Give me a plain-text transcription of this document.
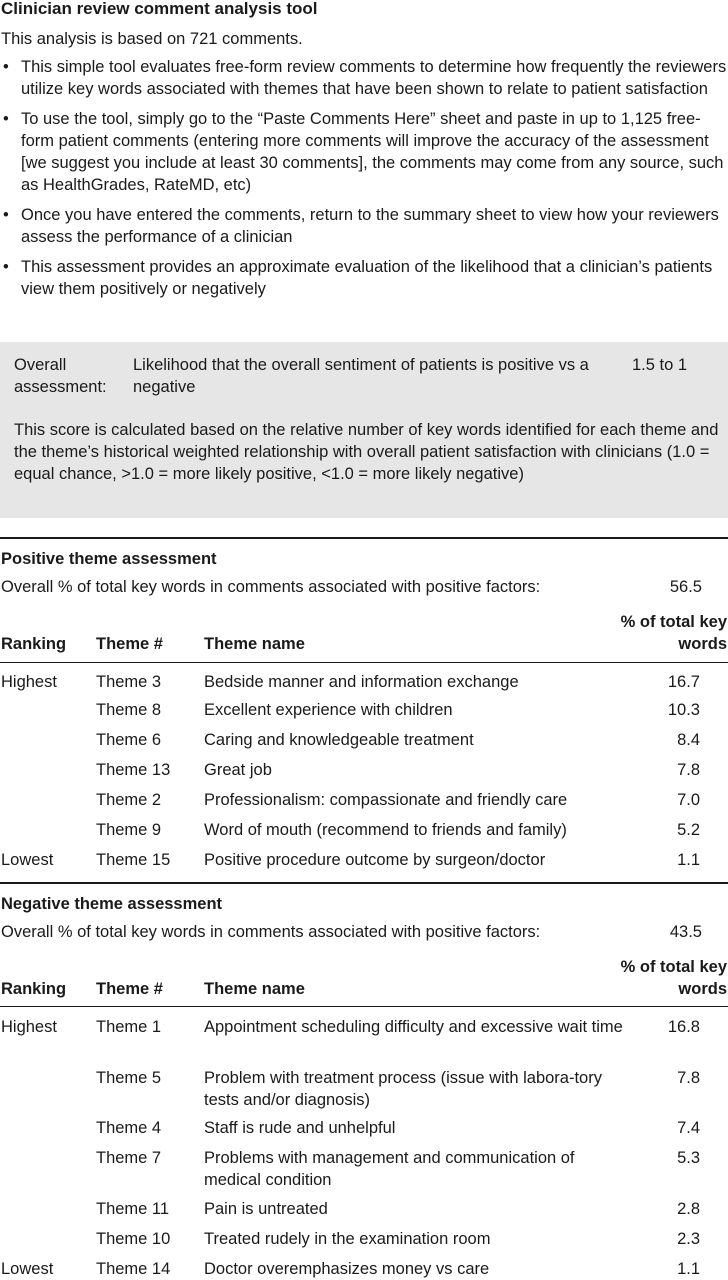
Clinician review comment analysis tool
This analysis is based on 721 comments.
• This simple tool evaluates free-form review comments to determine how frequently the reviewers utilize key words associated with themes that have been shown to relate to patient satisfaction
• To use the tool, simply go to the “Paste Comments Here” sheet and paste in up to 1,125 free-form patient comments (entering more comments will improve the accuracy of the assessment [we suggest you include at least 30 comments], the comments may come from any source, such as HealthGrades, RateMD, etc)
• Once you have entered the comments, return to the summary sheet to view how your reviewers assess the performance of a clinician
• This assessment provides an approximate evaluation of the likelihood that a clinician’s patients view them positively or negatively
Overall assessment:
Likelihood that the overall sentiment of patients is positive vs a negative
1.5 to 1
This score is calculated based on the relative number of key words identified for each theme and the theme’s historical weighted relationship with overall patient satisfaction with clinicians (1.0 = equal chance, >1.0 = more likely positive, <1.0 = more likely negative)
Positive theme assessment
Overall % of total key words in comments associated with positive factors:	56.5
Ranking Theme # Theme name
% of total key words
Highest Theme 3	Bedside manner and information exchange	16.7
Theme 8	Excellent experience with children	10.3
Theme 6	Caring and knowledgeable treatment	8.4
Theme 13 Great job	7.8
Theme 2	Professionalism: compassionate and friendly care	7.0
Theme 9	Word of mouth (recommend to friends and family)	5.2
Lowest	Theme 15 Positive procedure outcome by surgeon/doctor	1.1
Negative theme assessment
Overall % of total key words in comments associated with positive factors:	43.5
Ranking Theme # Theme name
% of total key words
Highest Theme 1	Appointment scheduling difficulty and excessive wait time	16.8
Theme 5	Problem with treatment process (issue with labora-tory tests and/or diagnosis)
7.8
Theme 4	Staff is rude and unhelpful	7.4
Theme 7	Problems with management and communication of medical condition
5.3
Theme 11 Pain is untreated	2.8
Theme 10 Treated rudely in the examination room	2.3
Lowest	Theme 14 Doctor overemphasizes money vs care	1.1
